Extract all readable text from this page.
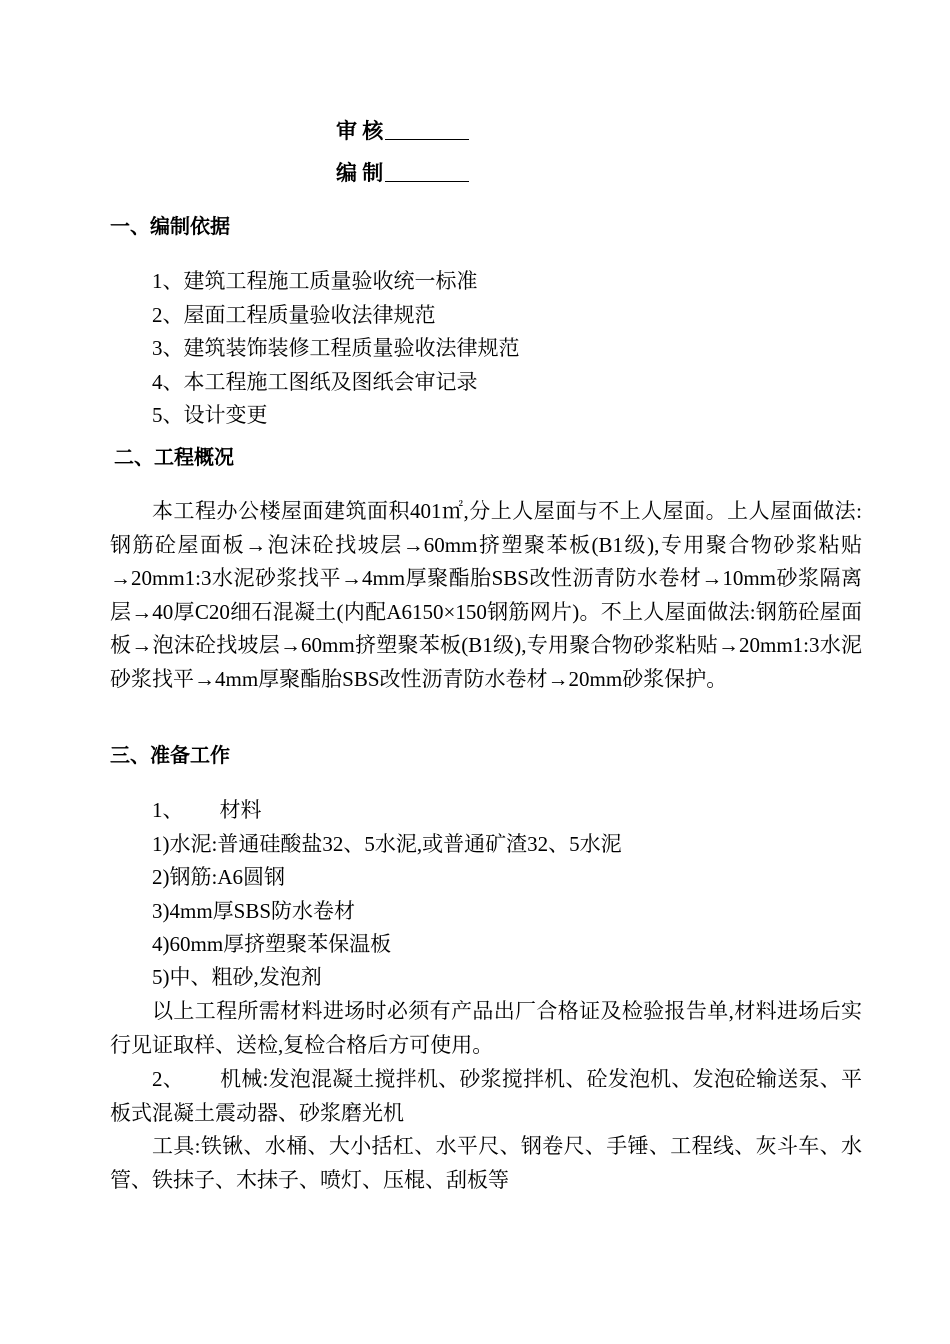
审 核
编 制
一、编制依据
1、建筑工程施工质量验收统一标准
2、屋面工程质量验收法律规范
3、建筑装饰装修工程质量验收法律规范
4、本工程施工图纸及图纸会审记录
5、设计变更
二、工程概况

本工程办公楼屋面建筑面积401㎡,分上人屋面与不上人屋面。上人屋面做法:钢筋砼屋面板→泡沫砼找坡层→60mm挤塑聚苯板(B1级),专用聚合物砂浆粘贴→20mm1:3水泥砂浆找平→4mm厚聚酯胎SBS改性沥青防水卷材→10mm砂浆隔离层→40厚C20细石混凝土(内配A6150×150钢筋网片)。不上人屋面做法:钢筋砼屋面板→泡沫砼找坡层→60mm挤塑聚苯板(B1级),专用聚合物砂浆粘贴→20mm1:3水泥砂浆找平→4mm厚聚酯胎SBS改性沥青防水卷材→20mm砂浆保护。

三、准备工作
1、 材料
1)水泥:普通硅酸盐32、5水泥,或普通矿渣32、5水泥
2)钢筋:A6圆钢
3)4mm厚SBS防水卷材
4)60mm厚挤塑聚苯保温板
5)中、粗砂,发泡剂

以上工程所需材料进场时必须有产品出厂合格证及检验报告单,材料进场后实行见证取样、送检,复检合格后方可使用。

2、 机械:发泡混凝土搅拌机、砂浆搅拌机、砼发泡机、发泡砼输送泵、平板式混凝土震动器、砂浆磨光机

工具:铁锹、水桶、大小括杠、水平尺、钢卷尺、手锤、工程线、灰斗车、水管、铁抹子、木抹子、喷灯、压棍、刮板等
